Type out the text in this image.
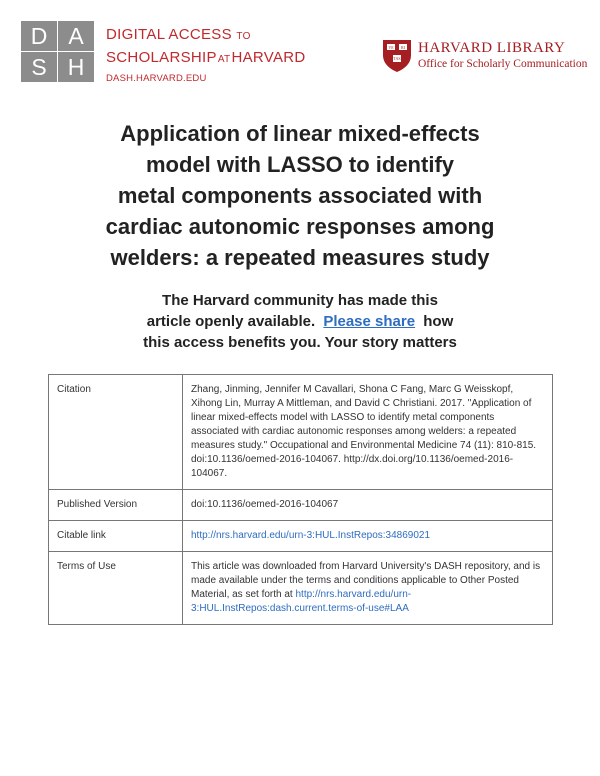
D A
S H
DIGITAL ACCESS TO
SCHOLARSHIPATHARVARD
DASH.HARVARD.EDU
VE RI
TAS
HARVARD LIBRARY
Office for Scholarly Communication
Application of linear mixed-effects
model with LASSO to identify
metal components associated with
cardiac autonomic responses among
welders: a repeated measures study
The Harvard community has made this
article openly available. Please share how
this access benefits you. Your story matters
Citation	Zhang, Jinming, Jennifer M Cavallari, Shona C Fang, Marc G Weisskopf, Xihong Lin, Murray A Mittleman, and David C Christiani. 2017. "Application of linear mixed-effects model with LASSO to identify metal components associated with cardiac autonomic responses among welders: a repeated measures study." Occupational and Environmental Medicine 74 (11): 810-815. doi:10.1136/oemed-2016-104067. http://dx.doi.org/10.1136/oemed-2016-104067.
Published Version	doi:10.1136/oemed-2016-104067
Citable link	http://nrs.harvard.edu/urn-3:HUL.InstRepos:34869021
Terms of Use	This article was downloaded from Harvard University's DASH repository, and is made available under the terms and conditions applicable to Other Posted Material, as set forth at http://nrs.harvard.edu/urn-3:HUL.InstRepos:dash.current.terms-of-use#LAA
